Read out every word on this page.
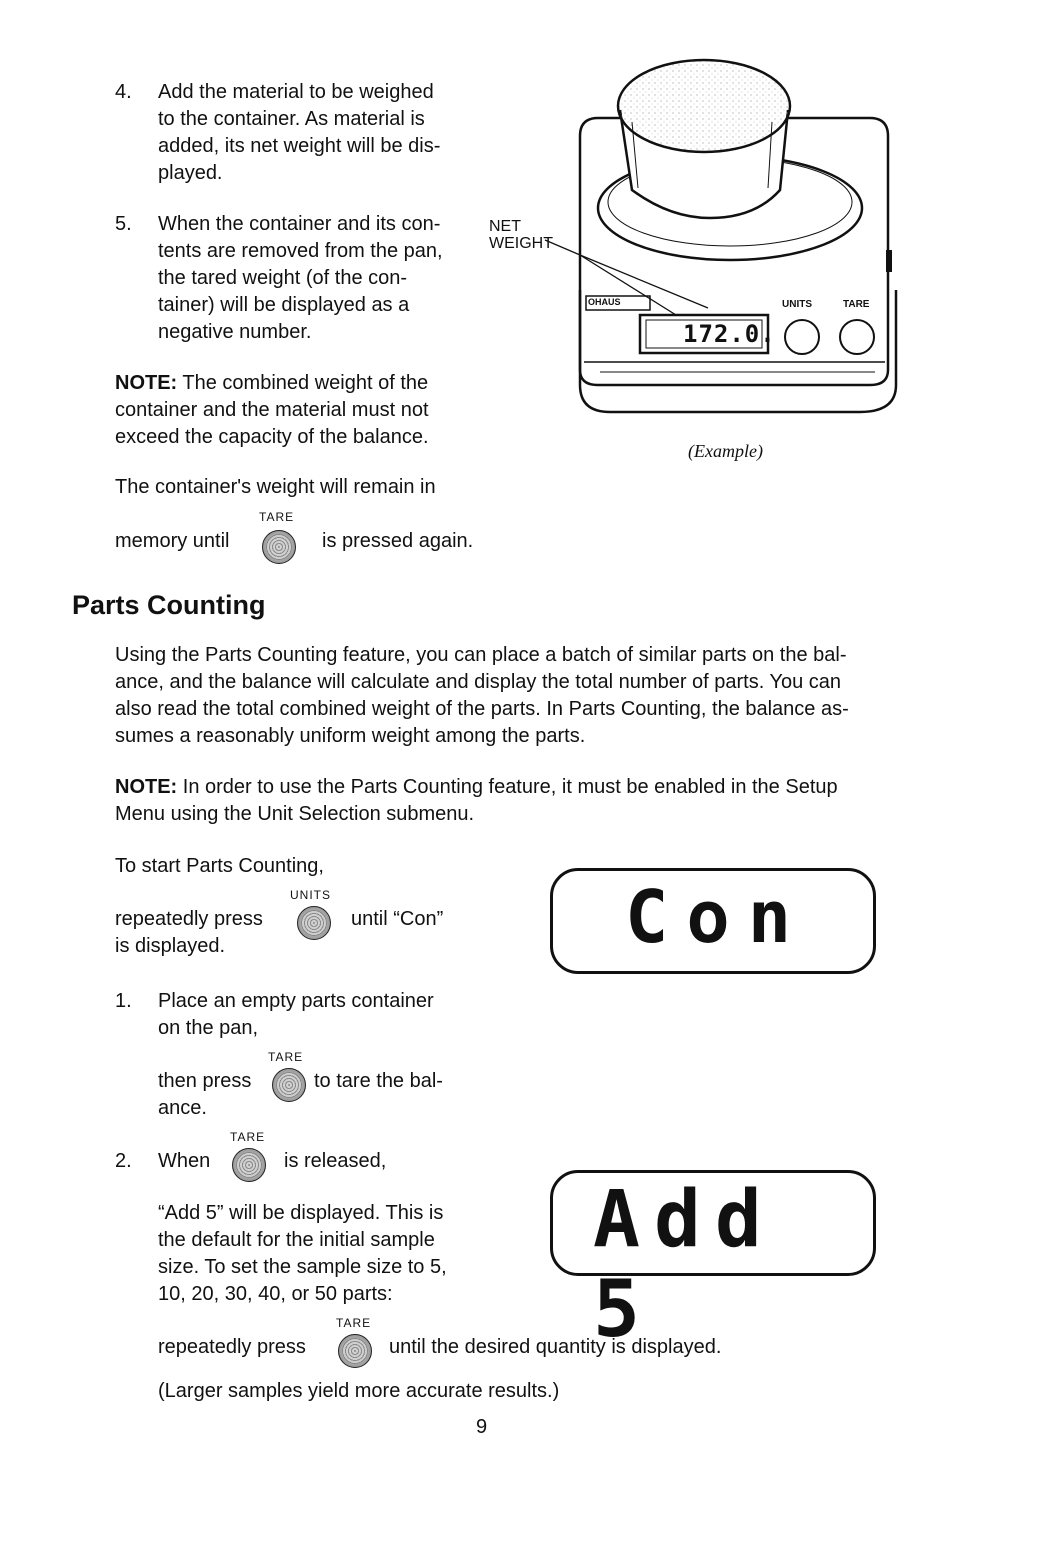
4. Add the material to be weighed
to the container. As material is
added, its net weight will be dis-
played.
5. When the container and its con-
tents are removed from the pan,
the tared weight (of the con-
tainer) will be displayed as a
negative number.
NOTE: The combined weight of the
container and the material must not
exceed the capacity of the balance.
The container's weight will remain in
TARE
memory until	is pressed again.
NET
WEIGHT
OHAUS	UNITS	TARE
172.0.
(Example)
Parts Counting
Using the Parts Counting feature, you can place a batch of similar parts on the bal-
ance, and the balance will calculate and display the total number of parts. You can
also read the total combined weight of the parts. In Parts Counting, the balance as-
sumes a reasonably uniform weight among the parts.
NOTE: In order to use the Parts Counting feature, it must be enabled in the Setup
Menu using the Unit Selection submenu.
To start Parts Counting,
UNITS
repeatedly press	until “Con”
is displayed.	Con
1. Place an empty parts container
on the pan,
TARE
then press	to tare the bal-
ance.
TARE
2. When	is released,
“Add 5” will be displayed. This is
the default for the initial sample
size. To set the sample size to 5,
10, 20, 30, 40, or 50 parts:
Add 5
TARE
repeatedly press	until the desired quantity is displayed.
(Larger samples yield more accurate results.)
9
